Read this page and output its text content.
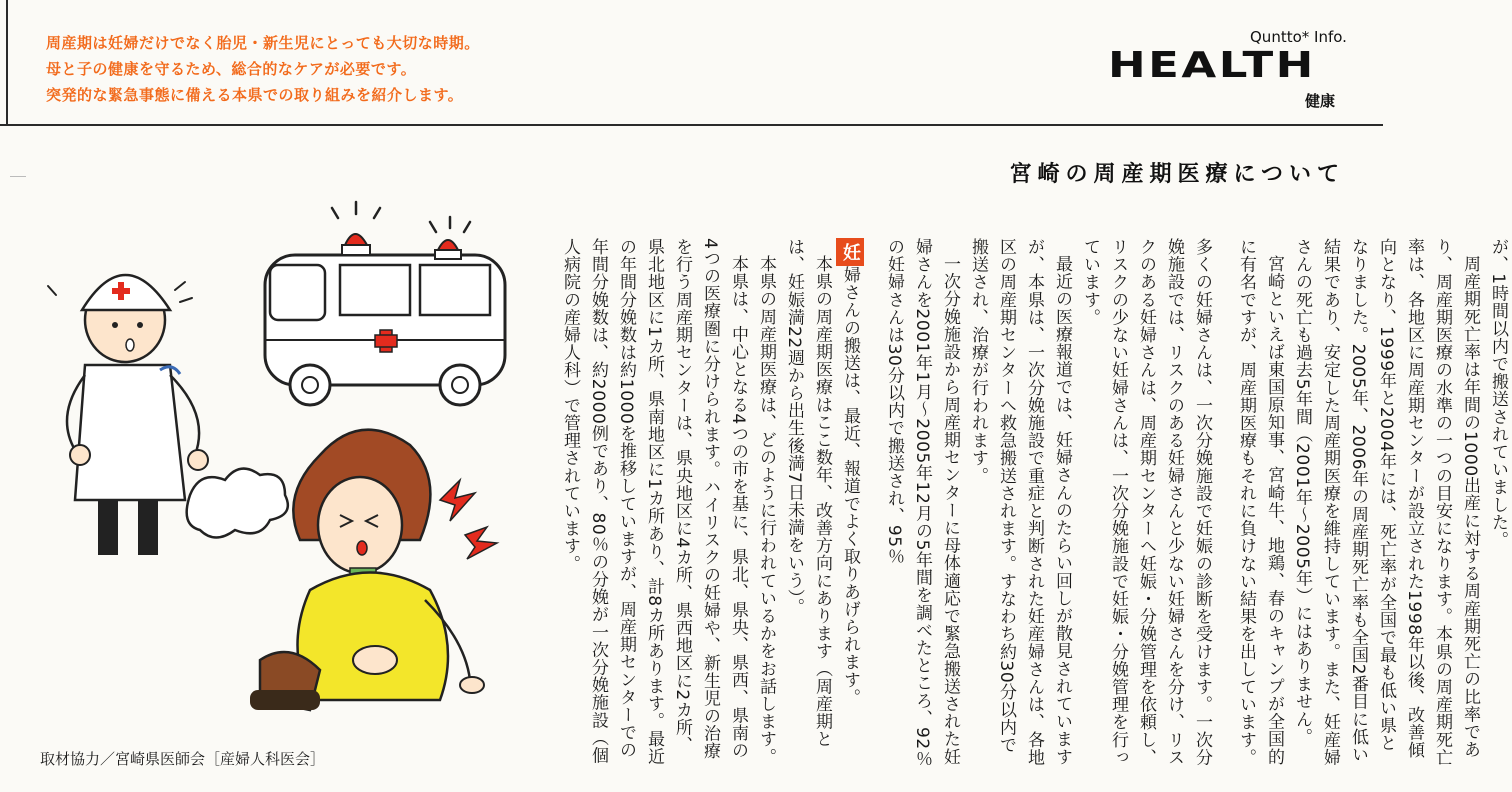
周産期は妊婦だけでなく胎児・新生児にとっても大切な時期。

母と子の健康を守るため、総合的なケアが必要です。

突発的な緊急事態に備える本県での取り組みを紹介します。

Quntto* Info.
HEALTH
健康
宮崎の周産期医療について

が、1時間以内で搬送されていました。

周産期死亡率は年間の1000出産に対する周産期死亡の比率であり、周産期医療の水準の一つの目安になります。本県の周産期死亡率は、各地区に周産期センターが設立された1998年以後、改善傾向となり、1999年と2004年には、死亡率が全国で最も低い県となりました。2005年、2006年の周産期死亡率も全国2番目に低い結果であり、安定した周産期医療を維持しています。また、妊産婦さんの死亡も過去5年間（2001年〜2005年）にはありません。

宮崎といえば東国原知事、宮崎牛、地鶏、春のキャンプが全国的に有名ですが、周産期医療もそれに負けない結果を出しています。

多くの妊婦さんは、一次分娩施設で妊娠の診断を受けます。一次分娩施設では、リスクのある妊婦さんと少ない妊婦さんを分け、リスクのある妊婦さんは、周産期センターへ妊娠・分娩管理を依頼し、リスクの少ない妊婦さんは、一次分娩施設で妊娠・分娩管理を行っています。

最近の医療報道では、妊婦さんのたらい回しが散見されていますが、本県は、一次分娩施設で重症と判断された妊産婦さんは、各地区の周産期センターへ救急搬送されます。すなわち約30分以内で搬送され、治療が行われます。

一次分娩施設から周産期センターに母体適応で緊急搬送された妊婦さんを2001年1月〜2005年12月の5年間を調べたところ、92％の妊婦さんは30分以内で搬送され、95％

妊婦さんの搬送は、最近、報道でよく取りあげられます。

本県の周産期医療はここ数年、改善方向にあります（周産期とは、妊娠満22週から出生後満7日未満をいう）。

本県の周産期医療は、どのように行われているかをお話します。

本県は、中心となる4つの市を基に、県北、県央、県西、県南の4つの医療圏に分けられます。ハイリスクの妊婦や、新生児の治療を行う周産期センターは、県央地区に4カ所、県西地区に2カ所、県北地区に1カ所、県南地区に1カ所あり、計8カ所あります。最近の年間分娩数は約1000を推移していますが、周産期センターでの年間分娩数は、約2000例であり、80％の分娩が一次分娩施設（個人病院の産婦人科）で管理されています。

取材協力／宮崎県医師会［産婦人科医会］
